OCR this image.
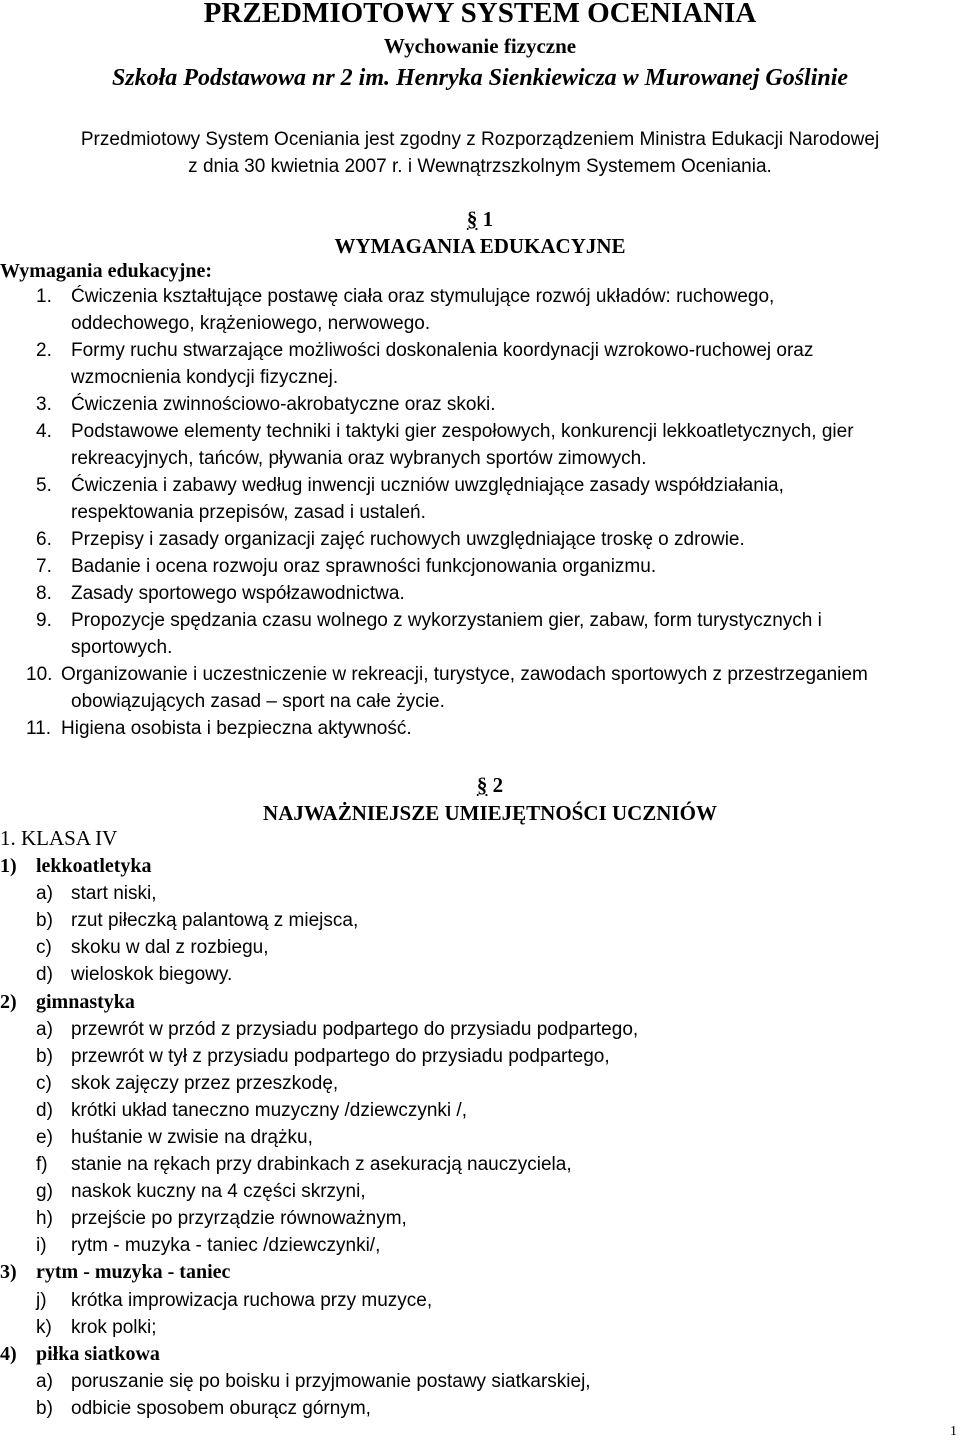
PRZEDMIOTOWY SYSTEM OCENIANIA
Wychowanie fizyczne
Szkoła Podstawowa nr 2 im. Henryka Sienkiewicza w Murowanej Goślinie
Przedmiotowy System Oceniania jest zgodny z Rozporządzeniem Ministra Edukacji Narodowej
z dnia 30 kwietnia 2007 r. i Wewnątrzszkolnym Systemem Oceniania.
§ 1
WYMAGANIA EDUKACYJNE
Wymagania edukacyjne:
1. Ćwiczenia kształtujące postawę ciała oraz stymulujące rozwój układów: ruchowego,
oddechowego, krążeniowego, nerwowego.
2. Formy ruchu stwarzające możliwości doskonalenia koordynacji wzrokowo-ruchowej oraz
wzmocnienia kondycji fizycznej.
3. Ćwiczenia zwinnościowo-akrobatyczne oraz skoki.
4. Podstawowe elementy techniki i taktyki gier zespołowych, konkurencji lekkoatletycznych, gier
rekreacyjnych, tańców, pływania oraz wybranych sportów zimowych.
5. Ćwiczenia i zabawy według inwencji uczniów uwzględniające zasady współdziałania,
respektowania przepisów, zasad i ustaleń.
6. Przepisy i zasady organizacji zajęć ruchowych uwzględniające troskę o zdrowie.
7. Badanie i ocena rozwoju oraz sprawności funkcjonowania organizmu.
8. Zasady sportowego współzawodnictwa.
9. Propozycje spędzania czasu wolnego z wykorzystaniem gier, zabaw, form turystycznych i
sportowych.
10. Organizowanie i uczestniczenie w rekreacji, turystyce, zawodach sportowych z przestrzeganiem
obowiązujących zasad – sport na całe życie.
11. Higiena osobista i bezpieczna aktywność.
§ 2
NAJWAŻNIEJSZE UMIEJĘTNOŚCI UCZNIÓW
1. KLASA IV
1) lekkoatletyka
a) start niski,
b) rzut piłeczką palantową z miejsca,
c) skoku w dal z rozbiegu,
d) wieloskok biegowy.
2) gimnastyka
a) przewrót w przód z przysiadu podpartego do przysiadu podpartego,
b) przewrót w tył z przysiadu podpartego do przysiadu podpartego,
c) skok zajęczy przez przeszkodę,
d) krótki układ taneczno muzyczny /dziewczynki /,
e) huśtanie w zwisie na drążku,
f) stanie na rękach przy drabinkach z asekuracją nauczyciela,
g) naskok kuczny na 4 części skrzyni,
h) przejście po przyrządzie równoważnym,
i) rytm - muzyka - taniec /dziewczynki/,
3) rytm - muzyka - taniec
j) krótka improwizacja ruchowa przy muzyce,
k) krok polki;
4) piłka siatkowa
a) poruszanie się po boisku i przyjmowanie postawy siatkarskiej,
b) odbicie sposobem oburącz górnym,
1
